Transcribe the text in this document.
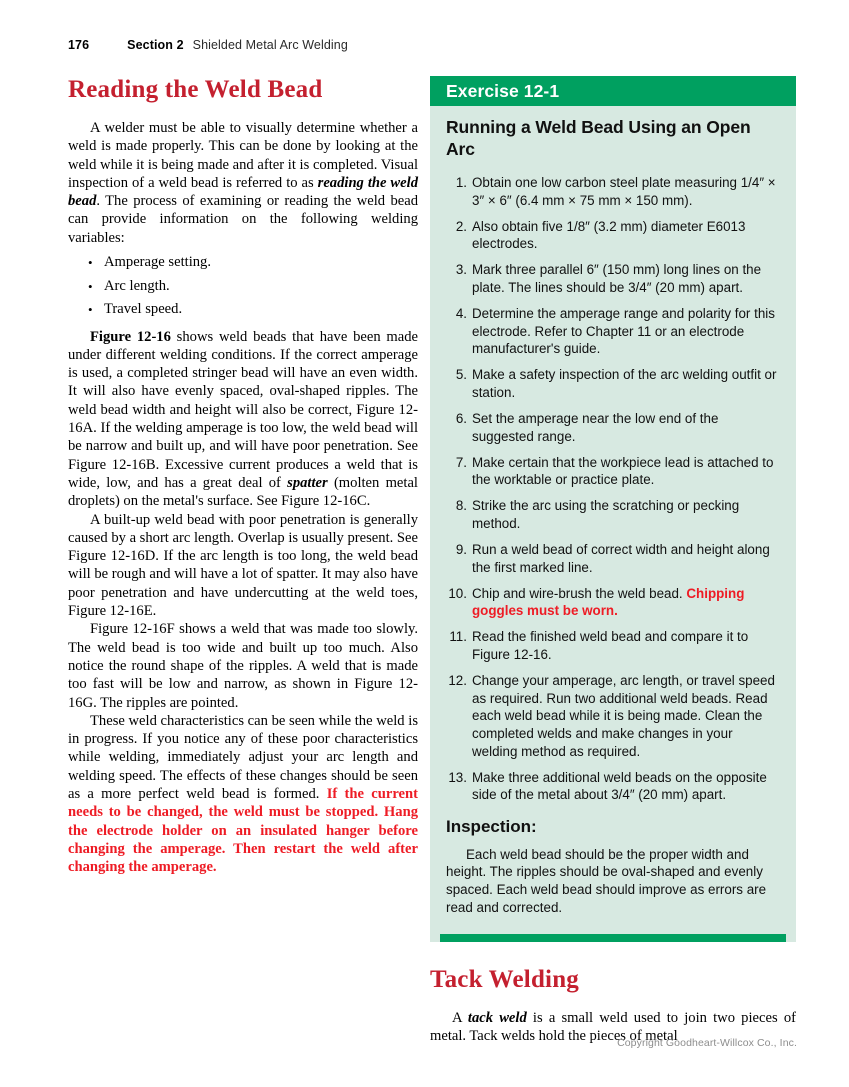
176	Section 2 Shielded Metal Arc Welding
Reading the Weld Bead

A welder must be able to visually determine whether a weld is made properly. This can be done by looking at the weld while it is being made and after it is completed. Visual inspection of a weld bead is referred to as reading the weld bead. The process of examining or reading the weld bead can provide information on the following welding variables:

• Amperage setting.
• Arc length.
• Travel speed.

Figure 12-16 shows weld beads that have been made under different welding conditions. If the correct amperage is used, a completed stringer bead will have an even width. It will also have evenly spaced, oval-shaped ripples. The weld bead width and height will also be correct, Figure 12-16A. If the welding amperage is too low, the weld bead will be narrow and built up, and will have poor penetration. See Figure 12-16B. Excessive current produces a weld that is wide, low, and has a great deal of spatter (molten metal droplets) on the metal's surface. See Figure 12-16C.

A built-up weld bead with poor penetration is generally caused by a short arc length. Overlap is usually present. See Figure 12-16D. If the arc length is too long, the weld bead will be rough and will have a lot of spatter. It may also have poor penetration and have undercutting at the weld toes, Figure 12-16E.

Figure 12-16F shows a weld that was made too slowly. The weld bead is too wide and built up too much. Also notice the round shape of the ripples. A weld that is made too fast will be low and narrow, as shown in Figure 12-16G. The ripples are pointed.

These weld characteristics can be seen while the weld is in progress. If you notice any of these poor characteristics while welding, immediately adjust your arc length and welding speed. The effects of these changes should be seen as a more perfect weld bead is formed. If the current needs to be changed, the weld must be stopped. Hang the electrode holder on an insulated hanger before changing the amperage. Then restart the weld after changing the amperage.

Exercise 12-1
Running a Weld Bead Using an Open Arc
Obtain one low carbon steel plate measuring 1/4″ × 3″ × 6″ (6.4 mm × 75 mm × 150 mm).
Also obtain five 1/8″ (3.2 mm) diameter E6013 electrodes.
Mark three parallel 6″ (150 mm) long lines on the plate. The lines should be 3/4″ (20 mm) apart.
Determine the amperage range and polarity for this electrode. Refer to Chapter 11 or an electrode manufacturer's guide.
Make a safety inspection of the arc welding outfit or station.
Set the amperage near the low end of the suggested range.
Make certain that the workpiece lead is attached to the worktable or practice plate.
Strike the arc using the scratching or pecking method.
Run a weld bead of correct width and height along the first marked line.
Chip and wire-brush the weld bead. Chipping goggles must be worn.
Read the finished weld bead and compare it to Figure 12-16.
Change your amperage, arc length, or travel speed as required. Run two additional weld beads. Read each weld bead while it is being made. Clean the completed welds and make changes in your welding method as required.
Make three additional weld beads on the opposite side of the metal about 3/4″ (20 mm) apart.
Inspection:

Each weld bead should be the proper width and height. The ripples should be oval-shaped and evenly spaced. Each weld bead should improve as errors are read and corrected.

Tack Welding

A tack weld is a small weld used to join two pieces of metal. Tack welds hold the pieces of metal

Copyright Goodheart-Willcox Co., Inc.
